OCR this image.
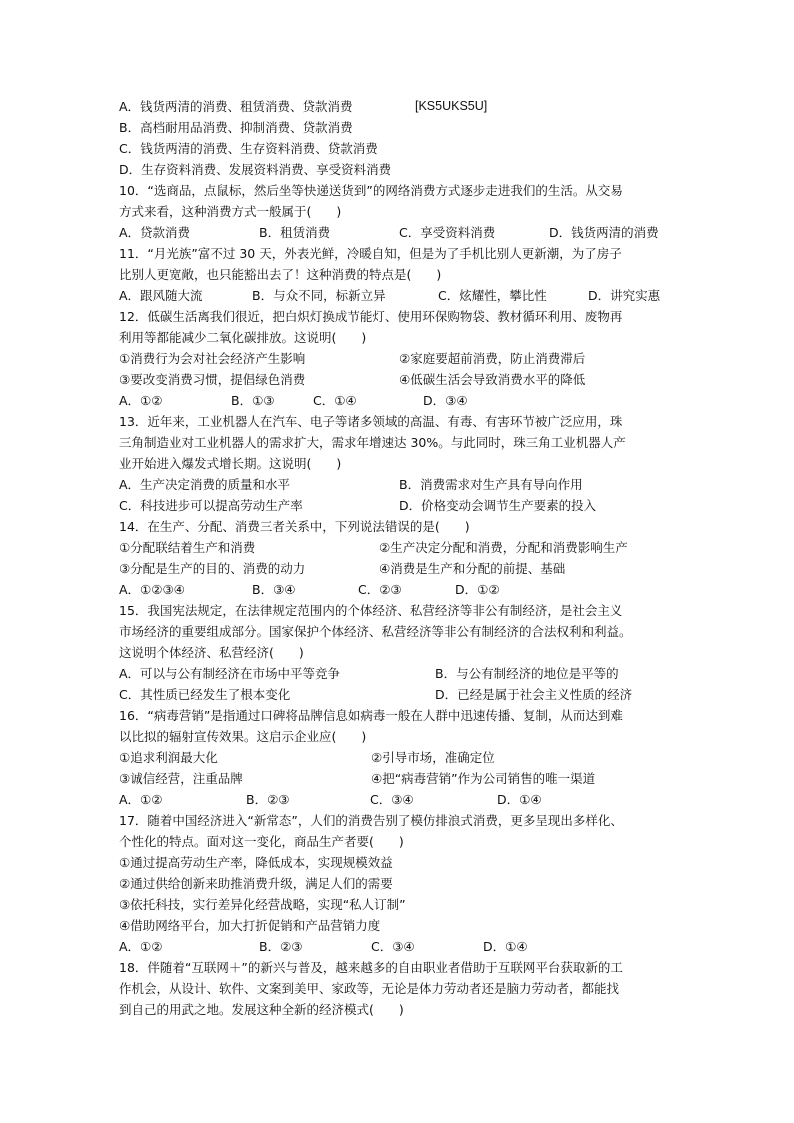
A．钱货两清的消费、租赁消费、贷款消费	[KS5UKS5U]
B．高档耐用品消费、抑制消费、贷款消费
C．钱货两清的消费、生存资料消费、贷款消费
D．生存资料消费、发展资料消费、享受资料消费
10．“选商品，点鼠标，然后坐等快递送货到”的网络消费方式逐步走进我们的生活。从交易
方式来看，这种消费方式一般属于(　　)
A．贷款消费	B．租赁消费	C．享受资料消费	D．钱货两清的消费
11．“月光族”富不过 30 天，外表光鲜，冷暖自知，但是为了手机比别人更新潮，为了房子
比别人更宽敞，也只能豁出去了！这种消费的特点是(　　)
A．跟风随大流	B．与众不同，标新立异	C．炫耀性，攀比性	D．讲究实惠
12．低碳生活离我们很近，把白炽灯换成节能灯、使用环保购物袋、教材循环利用、废物再
利用等都能减少二氧化碳排放。这说明(　　)
①消费行为会对社会经济产生影响	②家庭要超前消费，防止消费滞后
③要改变消费习惯，提倡绿色消费	④低碳生活会导致消费水平的降低
A．①②	B．①③	C．①④	D．③④
13．近年来，工业机器人在汽车、电子等诸多领域的高温、有毒、有害环节被广泛应用，珠
三角制造业对工业机器人的需求扩大，需求年增速达 30%。与此同时，珠三角工业机器人产
业开始进入爆发式增长期。这说明(　　)
A．生产决定消费的质量和水平	B．消费需求对生产具有导向作用
C．科技进步可以提高劳动生产率	D．价格变动会调节生产要素的投入
14．在生产、分配、消费三者关系中，下列说法错误的是(　　)
①分配联结着生产和消费	②生产决定分配和消费，分配和消费影响生产
③分配是生产的目的、消费的动力	④消费是生产和分配的前提、基础
A．①②③④	B．③④	C．②③	D．①②
15．我国宪法规定，在法律规定范围内的个体经济、私营经济等非公有制经济，是社会主义
市场经济的重要组成部分。国家保护个体经济、私营经济等非公有制经济的合法权利和利益。
这说明个体经济、私营经济(　　)
A．可以与公有制经济在市场中平等竞争	B．与公有制经济的地位是平等的
C．其性质已经发生了根本变化	D．已经是属于社会主义性质的经济
16．“病毒营销”是指通过口碑将品牌信息如病毒一般在人群中迅速传播、复制，从而达到难
以比拟的辐射宣传效果。这启示企业应(　　)
①追求利润最大化	②引导市场，准确定位
③诚信经营，注重品牌	④把“病毒营销”作为公司销售的唯一渠道
A．①②	B．②③	C．③④	D．①④
17．随着中国经济进入“新常态”，人们的消费告别了模仿排浪式消费，更多呈现出多样化、
个性化的特点。面对这一变化，商品生产者要(　　)
①通过提高劳动生产率，降低成本，实现规模效益
②通过供给创新来助推消费升级，满足人们的需要
③依托科技，实行差异化经营战略，实现“私人订制”
④借助网络平台，加大打折促销和产品营销力度
A．①②	B．②③	C．③④	D．①④
18．伴随着“互联网＋”的新兴与普及，越来越多的自由职业者借助于互联网平台获取新的工
作机会，从设计、软件、文案到美甲、家政等，无论是体力劳动者还是脑力劳动者，都能找
到自己的用武之地。发展这种全新的经济模式(　　)
